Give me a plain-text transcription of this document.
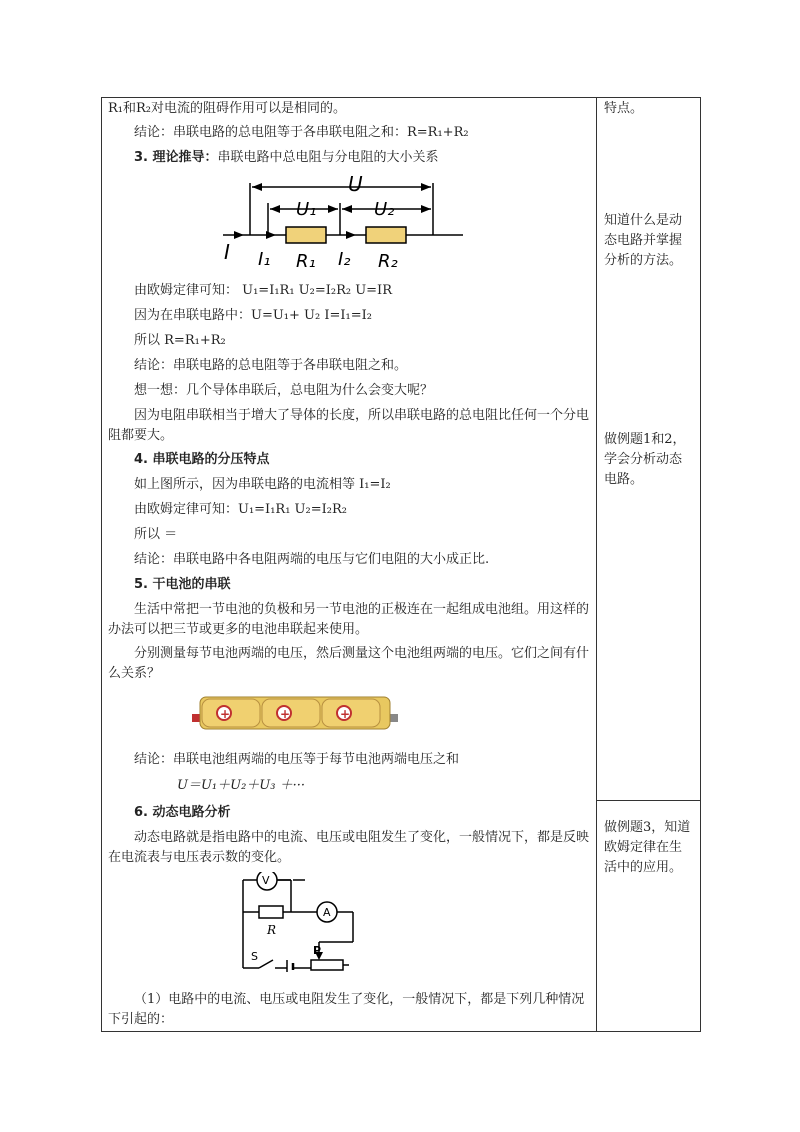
R₁和R₂对电流的阻碍作用可以是相同的。
结论：串联电路的总电阻等于各串联电阻之和：R=R₁+R₂
3. 理论推导：串联电路中总电阻与分电阻的大小关系
U
U₁	U₂
I I₁ R₁ I₂ R₂
由欧姆定律可知： U₁=I₁R₁ U₂=I₂R₂ U=IR
因为在串联电路中：U=U₁+ U₂ I=I₁=I₂
所以 R=R₁+R₂
结论：串联电路的总电阻等于各串联电阻之和。
想一想：几个导体串联后，总电阻为什么会变大呢？
因为电阻串联相当于增大了导体的长度，所以串联电路的总电阻比任何一个分电阻都要大。
4. 串联电路的分压特点
如上图所示，因为串联电路的电流相等 I₁=I₂
由欧姆定律可知：U₁=I₁R₁ U₂=I₂R₂
所以 ＝
结论：串联电路中各电阻两端的电压与它们电阻的大小成正比.
5. 干电池的串联
生活中常把一节电池的负极和另一节电池的正极连在一起组成电池组。用这样的办法可以把三节或更多的电池串联起来使用。
分别测量每节电池两端的电压，然后测量这个电池组两端的电压。它们之间有什么关系？
+	+	+
结论：串联电池组两端的电压等于每节电池两端电压之和
U＝U₁＋U₂＋U₃ ＋···
6. 动态电路分析
动态电路就是指电路中的电流、电压或电阻发生了变化，一般情况下，都是反映在电流表与电压表示数的变化。
V
A
R
S	P
（1）电路中的电流、电压或电阻发生了变化，一般情况下，都是下列几种情况下引起的：
特点。
知道什么是动态电路并掌握分析的方法。
做例题1和2，学会分析动态电路。
做例题3，知道欧姆定律在生活中的应用。
